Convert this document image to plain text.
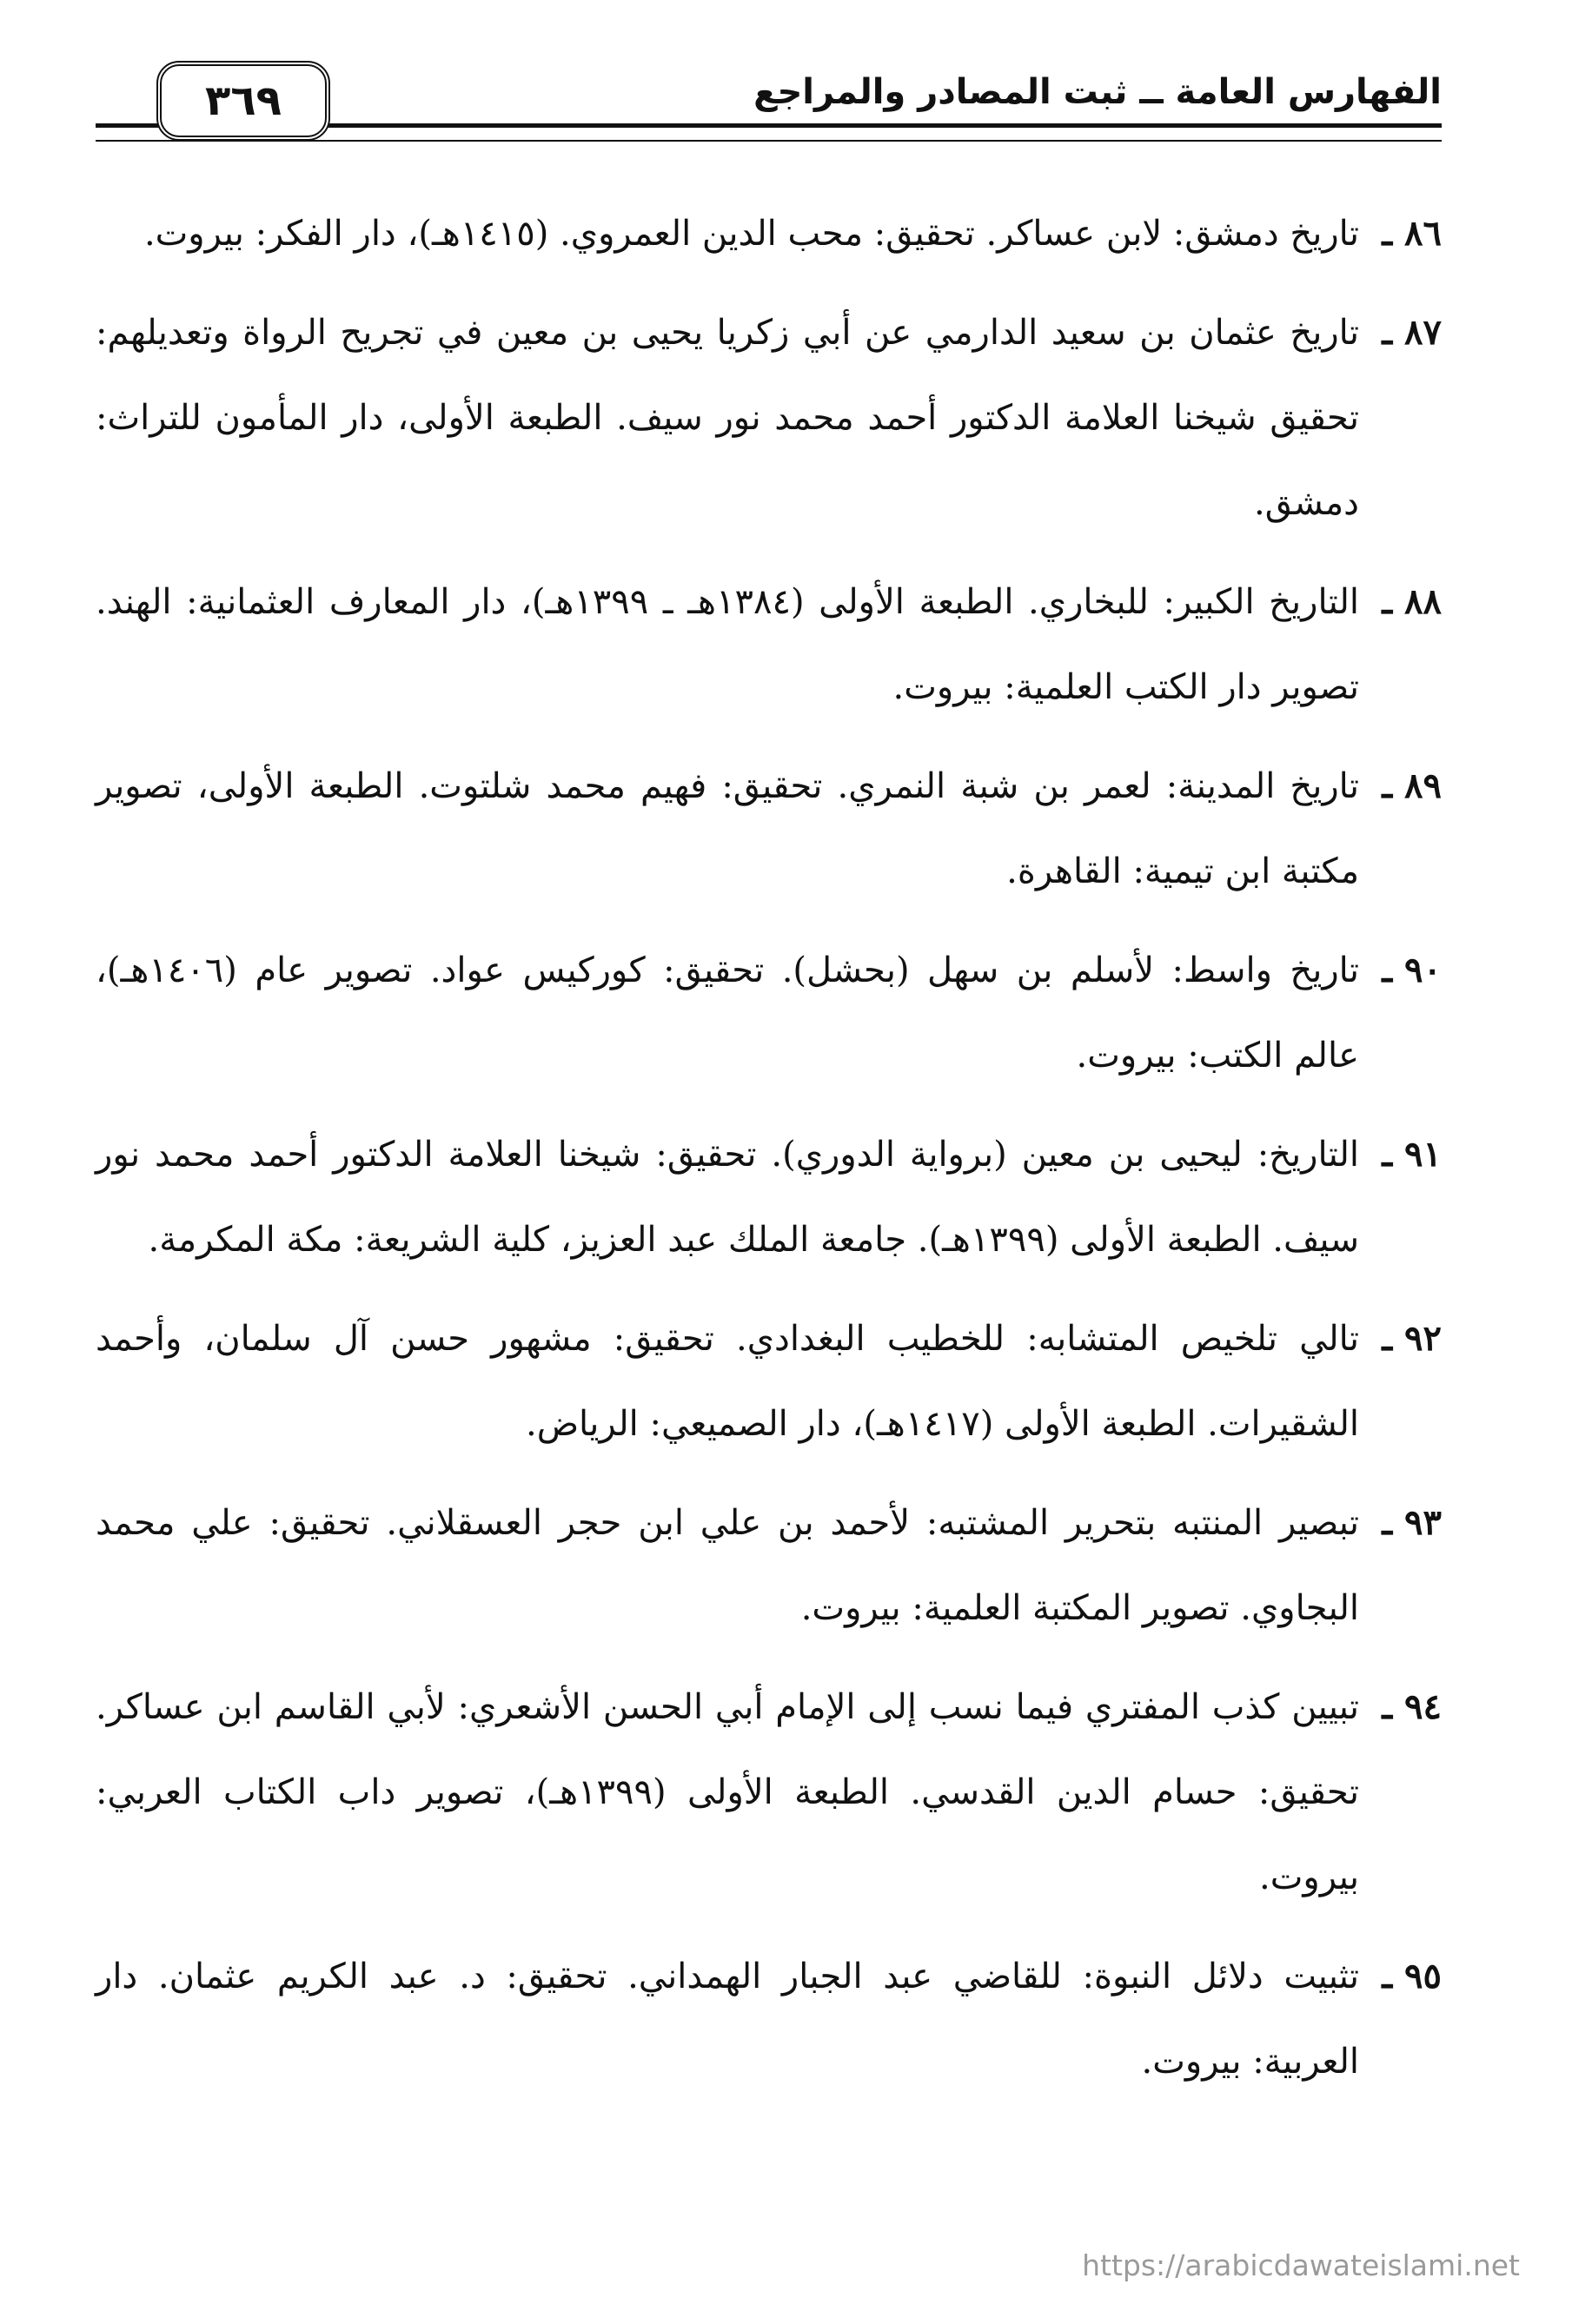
٣٦٩	الفهارس العامة ــ ثبت المصادر والمراجع
٨٦ ـ
تاريخ دمشق: لابن عساكر. تحقيق: محب الدين العمروي. (١٤١٥هـ)، دار الفكر: بيروت.
٨٧ ـ
تاريخ عثمان بن سعيد الدارمي عن أبي زكريا يحيى بن معين في تجريح الرواة وتعديلهم: تحقيق شيخنا العلامة الدكتور أحمد محمد نور سيف. الطبعة الأولى، دار المأمون للتراث: دمشق.
٨٨ ـ
التاريخ الكبير: للبخاري. الطبعة الأولى (١٣٨٤هـ ـ ١٣٩٩هـ)، دار المعارف العثمانية: الهند. تصوير دار الكتب العلمية: بيروت.
٨٩ ـ
تاريخ المدينة: لعمر بن شبة النمري. تحقيق: فهيم محمد شلتوت. الطبعة الأولى، تصوير مكتبة ابن تيمية: القاهرة.
٩٠ ـ
تاريخ واسط: لأسلم بن سهل (بحشل). تحقيق: كوركيس عواد. تصوير عام (١٤٠٦هـ)، عالم الكتب: بيروت.
٩١ ـ
التاريخ: ليحيى بن معين (برواية الدوري). تحقيق: شيخنا العلامة الدكتور أحمد محمد نور سيف. الطبعة الأولى (١٣٩٩هـ). جامعة الملك عبد العزيز، كلية الشريعة: مكة المكرمة.
٩٢ ـ
تالي تلخيص المتشابه: للخطيب البغدادي. تحقيق: مشهور حسن آل سلمان، وأحمد الشقيرات. الطبعة الأولى (١٤١٧هـ)، دار الصميعي: الرياض.
٩٣ ـ
تبصير المنتبه بتحرير المشتبه: لأحمد بن علي ابن حجر العسقلاني. تحقيق: علي محمد البجاوي. تصوير المكتبة العلمية: بيروت.
٩٤ ـ
تبيين كذب المفتري فيما نسب إلى الإمام أبي الحسن الأشعري: لأبي القاسم ابن عساكر. تحقيق: حسام الدين القدسي. الطبعة الأولى (١٣٩٩هـ)، تصوير داب الكتاب العربي: بيروت.
٩٥ ـ
تثبيت دلائل النبوة: للقاضي عبد الجبار الهمداني. تحقيق: د. عبد الكريم عثمان. دار العربية: بيروت.
https://arabicdawateislami.net
